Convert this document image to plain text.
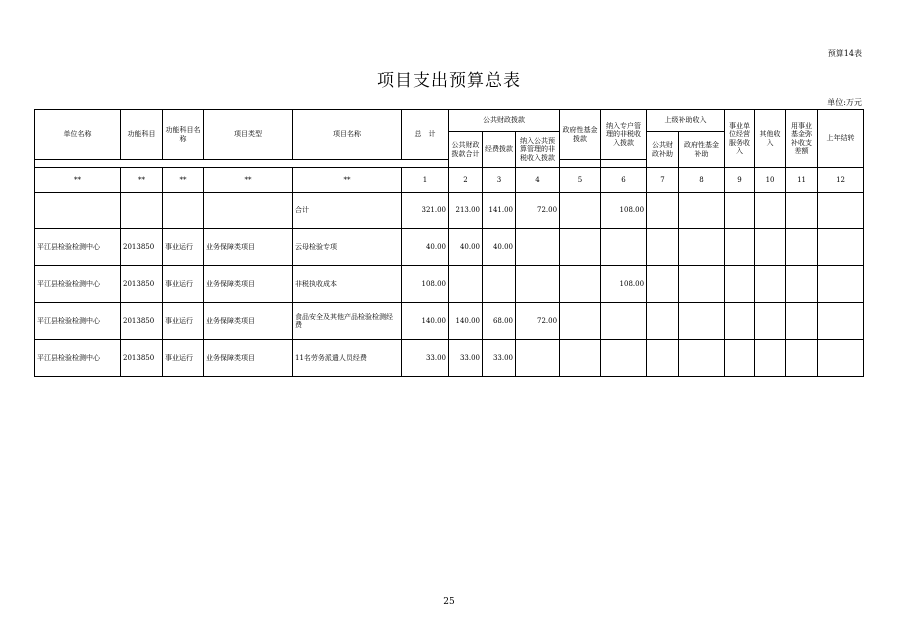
预算14表
项目支出预算总表
单位:万元
单位名称	功能科目	功能科目名称	项目类型	项目名称	总　计	公共财政拨款			政府性基金拨款	纳入专户管理的非税收入拨款	上级补助收入		事业单位经营服务收入	其他收入	用事业基金弥补收支差额	上年结转
						公共财政拨款合计	经费拨款	纳入公共预算管理的非税收入拨款			公共财政补助	政府性基金补助				

**	**	**	**	**	1	2	3	4	5	6	7	8	9	10	11	12
				合计	321.00	213.00	141.00	72.00		108.00						
平江县检验检测中心	2013850	事业运行	业务保障类项目	云母检验专项	40.00	40.00	40.00									
平江县检验检测中心	2013850	事业运行	业务保障类项目	非税执收成本	108.00					108.00						
平江县检验检测中心	2013850	事业运行	业务保障类项目	食品安全及其他产品检验检测经费	140.00	140.00	68.00	72.00								
平江县检验检测中心	2013850	事业运行	业务保障类项目	11名劳务派遣人员经费	33.00	33.00	33.00									
25
